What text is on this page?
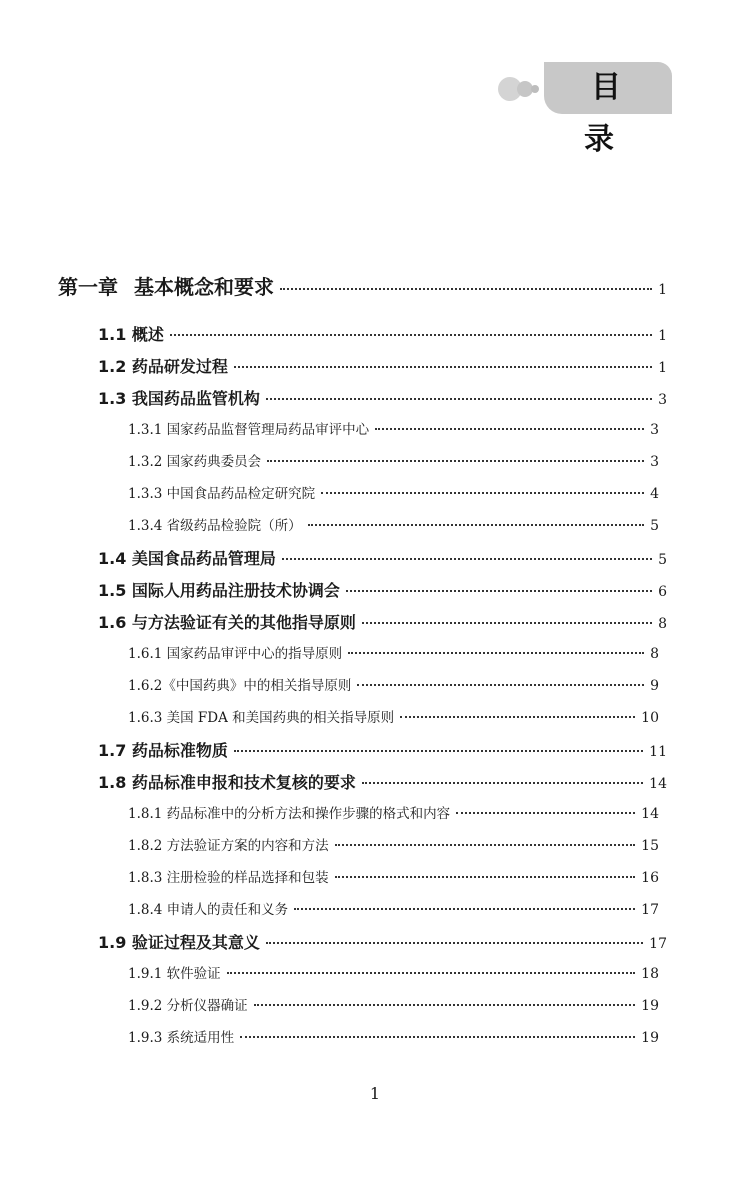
目 录
第一章 基本概念和要求	1
1.1 概述	1
1.2 药品研发过程	1
1.3 我国药品监管机构	3
1.3.1 国家药品监督管理局药品审评中心	3
1.3.2 国家药典委员会	3
1.3.3 中国食品药品检定研究院	4
1.3.4 省级药品检验院（所）	5
1.4 美国食品药品管理局	5
1.5 国际人用药品注册技术协调会	6
1.6 与方法验证有关的其他指导原则	8
1.6.1 国家药品审评中心的指导原则	8
1.6.2《中国药典》中的相关指导原则	9
1.6.3 美国 FDA 和美国药典的相关指导原则	10
1.7 药品标准物质	11
1.8 药品标准申报和技术复核的要求	14
1.8.1 药品标准中的分析方法和操作步骤的格式和内容	14
1.8.2 方法验证方案的内容和方法	15
1.8.3 注册检验的样品选择和包装	16
1.8.4 申请人的责任和义务	17
1.9 验证过程及其意义	17
1.9.1 软件验证	18
1.9.2 分析仪器确证	19
1.9.3 系统适用性	19
1
